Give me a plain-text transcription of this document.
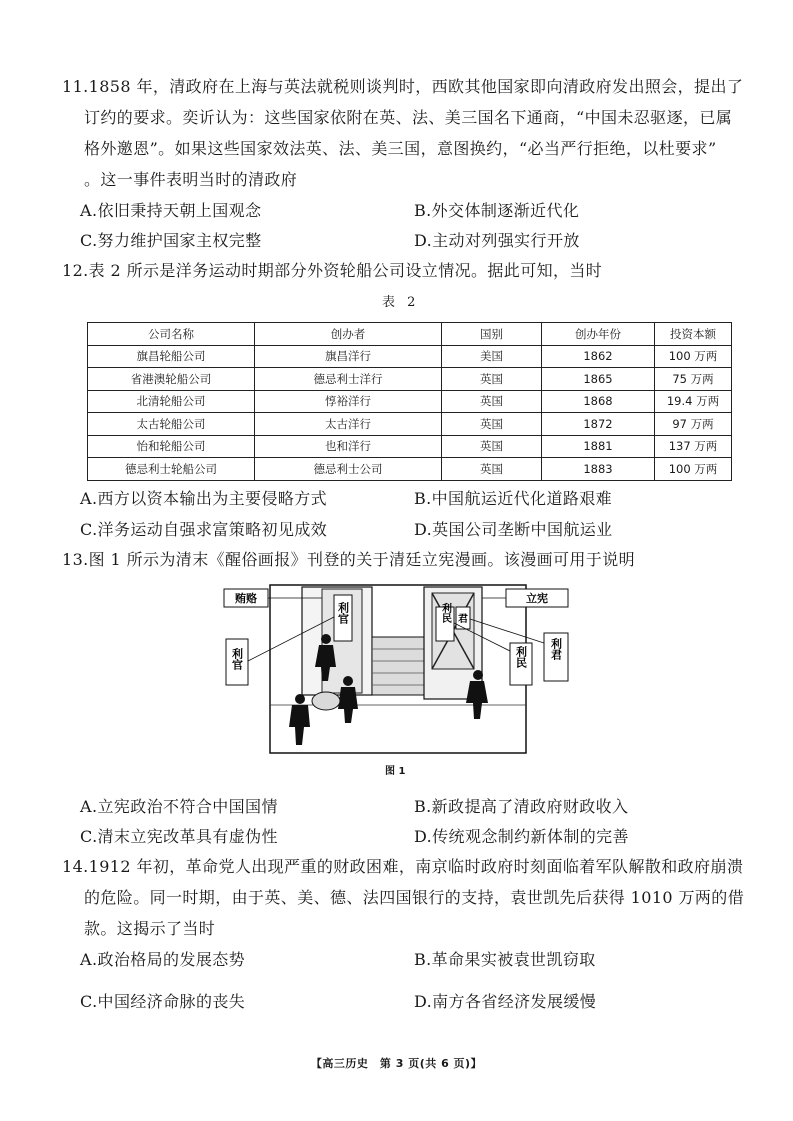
11.1858 年，清政府在上海与英法就税则谈判时，西欧其他国家即向清政府发出照会，提出了
订约的要求。奕䜣认为：这些国家依附在英、法、美三国名下通商，“中国未忍驱逐，已属
格外邀恩”。如果这些国家效法英、法、美三国，意图换约，“必当严行拒绝，以杜要求”
。这一事件表明当时的清政府
A.依旧秉持天朝上国观念	B.外交体制逐渐近代化
C.努力维护国家主权完整	D.主动对列强实行开放
12.表 2 所示是洋务运动时期部分外资轮船公司设立情况。据此可知，当时
表 2
公司名称	创办者	国别	创办年份	投资本额
旗昌轮船公司	旗昌洋行	美国	1862	100 万两
省港澳轮船公司	德忌利士洋行	英国	1865	75 万两
北清轮船公司	惇裕洋行	英国	1868	19.4 万两
太古轮船公司	太古洋行	英国	1872	97 万两
怡和轮船公司	也和洋行	英国	1881	137 万两
德忌利士轮船公司	德忌利士公司	英国	1883	100 万两
A.西方以资本输出为主要侵略方式	B.中国航运近代化道路艰难
C.洋务运动自强求富策略初见成效	D.英国公司垄断中国航运业
13.图 1 所示为清末《醒俗画报》刊登的关于清廷立宪漫画。该漫画可用于说明
利官	利民 君
贿赂	立宪
利官	利民 利君
图 1
A.立宪政治不符合中国国情	B.新政提高了清政府财政收入
C.清末立宪改革具有虚伪性	D.传统观念制约新体制的完善
14.1912 年初，革命党人出现严重的财政困难，南京临时政府时刻面临着军队解散和政府崩溃
的危险。同一时期，由于英、美、德、法四国银行的支持，袁世凯先后获得 1010 万两的借
款。这揭示了当时
A.政治格局的发展态势	B.革命果实被袁世凯窃取
C.中国经济命脉的丧失	D.南方各省经济发展缓慢
【高三历史　第 3 页(共 6 页)】
